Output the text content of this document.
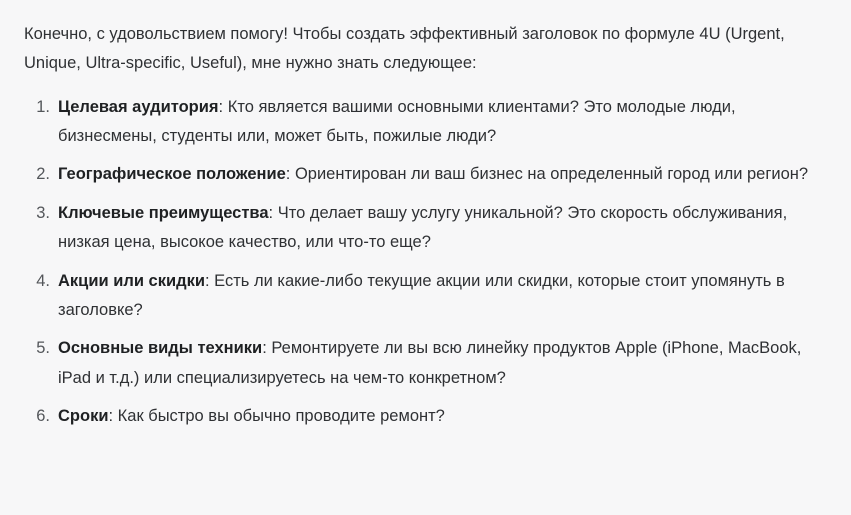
Конечно, с удовольствием помогу! Чтобы создать эффективный заголовок по формуле 4U (Urgent, Unique, Ultra-specific, Useful), мне нужно знать следующее:

1. Целевая аудитория: Кто является вашими основными клиентами? Это молодые люди, бизнесмены, студенты или, может быть, пожилые люди?
2. Географическое положение: Ориентирован ли ваш бизнес на определенный город или регион?
3. Ключевые преимущества: Что делает вашу услугу уникальной? Это скорость обслуживания, низкая цена, высокое качество, или что-то еще?
4. Акции или скидки: Есть ли какие-либо текущие акции или скидки, которые стоит упомянуть в заголовке?
5. Основные виды техники: Ремонтируете ли вы всю линейку продуктов Apple (iPhone, MacBook, iPad и т.д.) или специализируетесь на чем-то конкретном?
6. Сроки: Как быстро вы обычно проводите ремонт?
